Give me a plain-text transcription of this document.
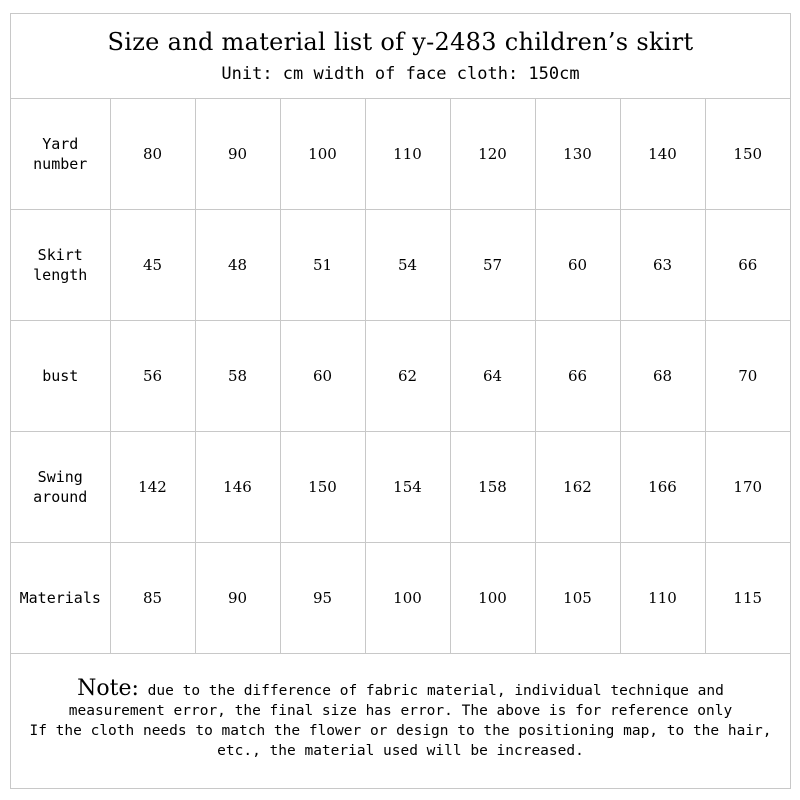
Size and material list of y-2483 children’s skirt
Unit: cm width of face cloth: 150cm
Yard
number	80	90	100	110	120	130	140	150
Skirt
length	45	48	51	54	57	60	63	66
bust	56	58	60	62	64	66	68	70
Swing
around	142	146	150	154	158	162	166	170
Materials	85	90	95	100	100	105	110	115
Note: due to the difference of fabric material, individual technique and
measurement error, the final size has error. The above is for reference only
If the cloth needs to match the flower or design to the positioning map, to the hair,
etc., the material used will be increased.
